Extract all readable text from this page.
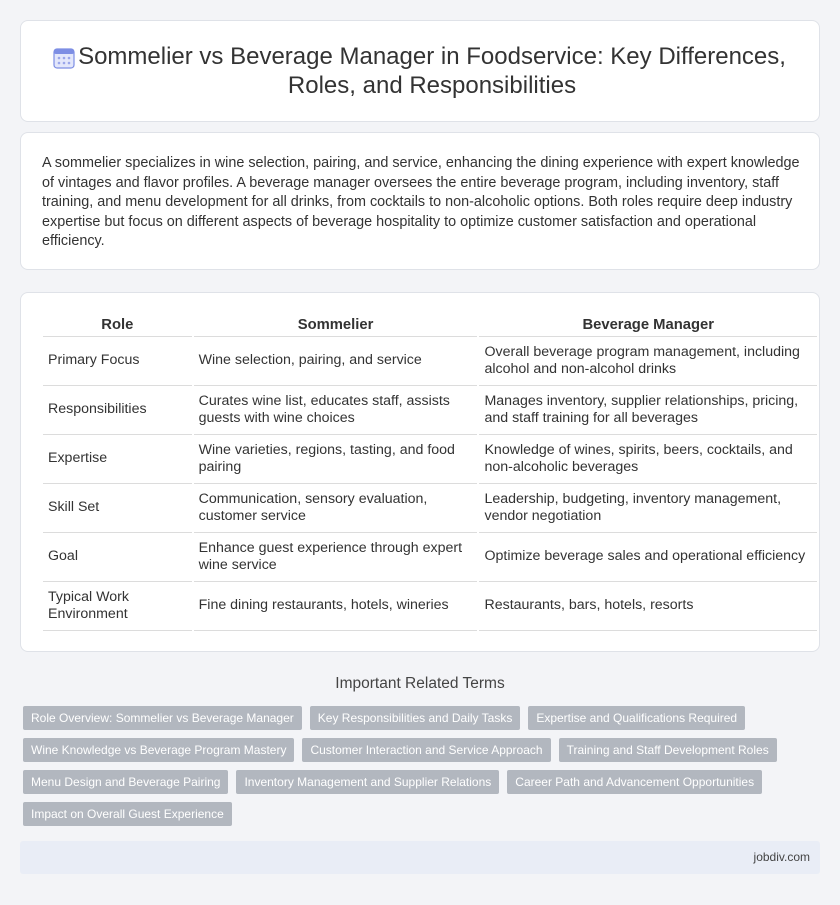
Sommelier vs Beverage Manager in Foodservice: Key Differences, Roles, and Responsibilities

A sommelier specializes in wine selection, pairing, and service, enhancing the dining experience with expert knowledge of vintages and flavor profiles. A beverage manager oversees the entire beverage program, including inventory, staff training, and menu development for all drinks, from cocktails to non-alcoholic options. Both roles require deep industry expertise but focus on different aspects of beverage hospitality to optimize customer satisfaction and operational efficiency.

Role	Sommelier	Beverage Manager
Primary Focus	Wine selection, pairing, and service	Overall beverage program management, including alcohol and non-alcohol drinks
Responsibilities	Curates wine list, educates staff, assists guests with wine choices	Manages inventory, supplier relationships, pricing, and staff training for all beverages
Expertise	Wine varieties, regions, tasting, and food pairing	Knowledge of wines, spirits, beers, cocktails, and non-alcoholic beverages
Skill Set	Communication, sensory evaluation, customer service	Leadership, budgeting, inventory management, vendor negotiation
Goal	Enhance guest experience through expert wine service	Optimize beverage sales and operational efficiency
Typical Work Environment	Fine dining restaurants, hotels, wineries	Restaurants, bars, hotels, resorts
Important Related Terms
Role Overview: Sommelier vs Beverage Manager	Key Responsibilities and Daily Tasks	Expertise and Qualifications Required
Wine Knowledge vs Beverage Program Mastery	Customer Interaction and Service Approach	Training and Staff Development Roles
Menu Design and Beverage Pairing	Inventory Management and Supplier Relations	Career Path and Advancement Opportunities
Impact on Overall Guest Experience
jobdiv.com
